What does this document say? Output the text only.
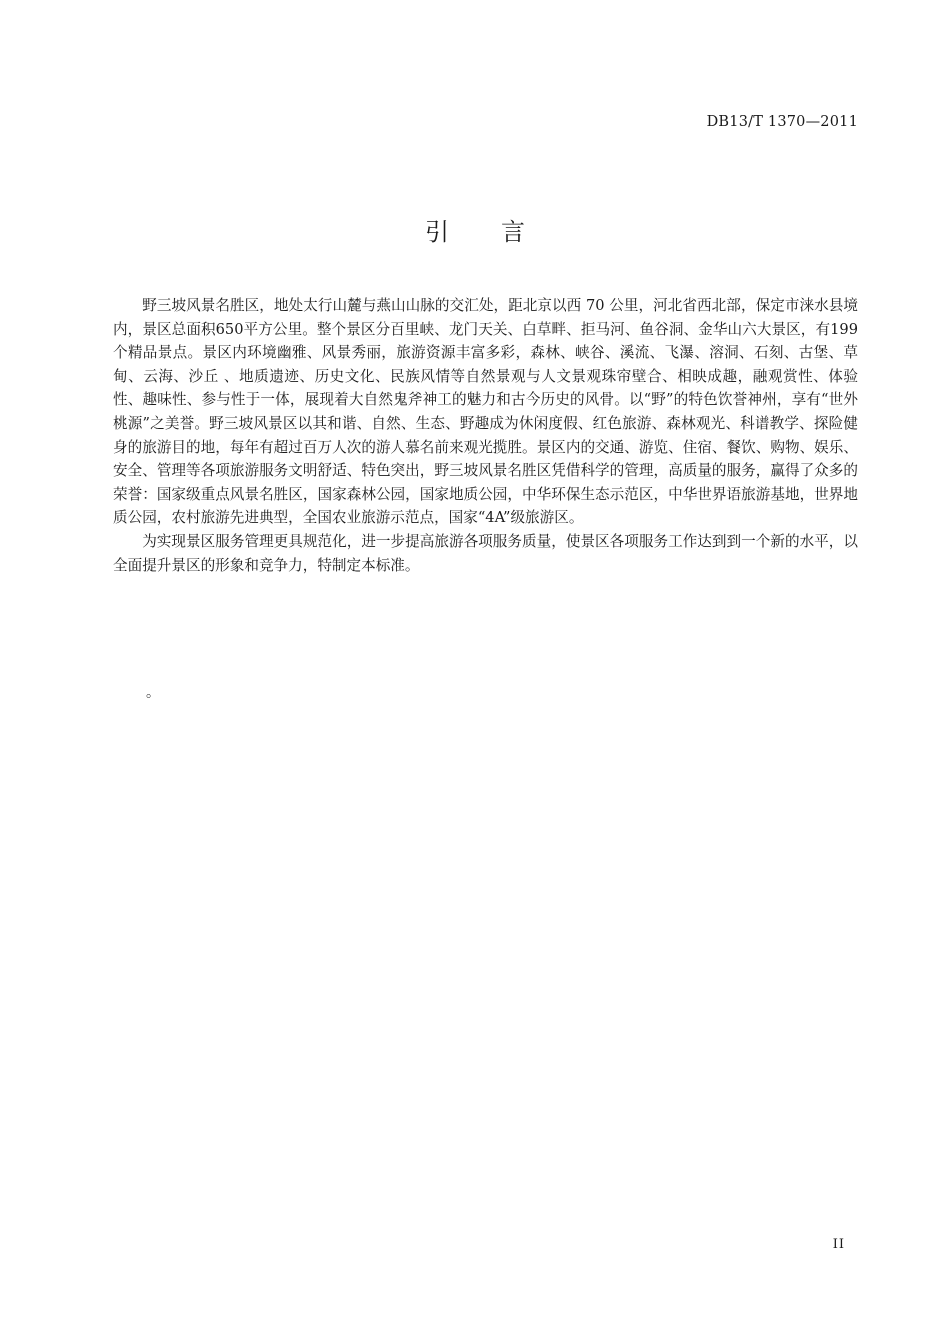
DB13/T 1370—2011
引 言

野三坡风景名胜区，地处太行山麓与燕山山脉的交汇处，距北京以西 70 公里，河北省西北部，保定市涞水县境内，景区总面积650平方公里。整个景区分百里峡、龙门天关、白草畔、拒马河、鱼谷洞、金华山六大景区，有199个精品景点。景区内环境幽雅、风景秀丽，旅游资源丰富多彩，森林、峡谷、溪流、飞瀑、溶洞、石刻、古堡、草甸、云海、沙丘 、地质遗迹、历史文化、民族风情等自然景观与人文景观珠帘壁合、相映成趣，融观赏性、体验性、趣味性、参与性于一体，展现着大自然鬼斧神工的魅力和古今历史的风骨。以“野”的特色饮誉神州，享有“世外桃源”之美誉。野三坡风景区以其和谐、自然、生态、野趣成为休闲度假、红色旅游、森林观光、科谱教学、探险健身的旅游目的地，每年有超过百万人次的游人慕名前来观光揽胜。景区内的交通、游览、住宿、餐饮、购物、娱乐、安全、管理等各项旅游服务文明舒适、特色突出，野三坡风景名胜区凭借科学的管理，高质量的服务，赢得了众多的荣誉：国家级重点风景名胜区，国家森林公园，国家地质公园，中华环保生态示范区，中华世界语旅游基地，世界地质公园，农村旅游先进典型，全国农业旅游示范点，国家“4A”级旅游区。

为实现景区服务管理更具规范化，进一步提高旅游各项服务质量，使景区各项服务工作达到到一个新的水平，以全面提升景区的形象和竞争力，特制定本标准。

。
II
